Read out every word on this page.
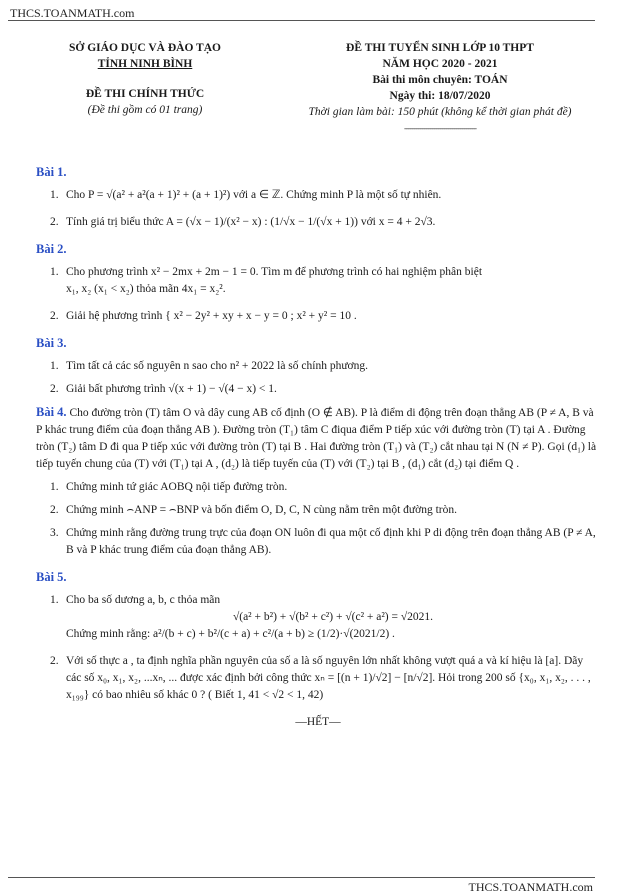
THCS.TOANMATH.com
SỞ GIÁO DỤC VÀ ĐÀO TẠO
TỈNH NINH BÌNH
ĐỀ THI CHÍNH THỨC
(Đề thi gồm có 01 trang)
ĐỀ THI TUYỂN SINH LỚP 10 THPT
NĂM HỌC 2020 - 2021
Bài thi môn chuyên: TOÁN
Ngày thi: 18/07/2020
Thời gian làm bài: 150 phút (không kể thời gian phát đề)
------------------------------------

Bài 1.

1. Cho P = √(a² + a²(a + 1)² + (a + 1)²) với a ∈ ℤ. Chứng minh P là một số tự nhiên.
2. Tính giá trị biểu thức A = (√x − 1)/(x² − x) : (1/√x − 1/(√x + 1)) với x = 4 + 2√3.

Bài 2.

1. Cho phương trình x² − 2mx + 2m − 1 = 0. Tìm m để phương trình có hai nghiệm phân biệt
x₁, x₂ (x₁ < x₂) thỏa mãn 4x₁ = x₂².
2. Giải hệ phương trình { x² − 2y² + xy + x − y = 0 ; x² + y² = 10 .

Bài 3.

1. Tìm tất cả các số nguyên n sao cho n² + 2022 là số chính phương.
2. Giải bất phương trình √(x + 1) − √(4 − x) < 1.
Bài 4. Cho đường tròn (T) tâm O và dây cung AB cố định (O ∉ AB). P là điểm di động trên đoạn thẳng AB (P ≠ A, B và P khác trung điểm của đoạn thẳng AB ). Đường tròn (T₁) tâm C điqua điểm P tiếp xúc với đường tròn (T) tại A . Đường tròn (T₂) tâm D đi qua P tiếp xúc với đường tròn (T) tại B . Hai đường tròn (T₁) và (T₂) cắt nhau tại N (N ≠ P). Gọi (d₁) là tiếp tuyến chung của (T) với (T₁) tại A , (d₂) là tiếp tuyến của (T) với (T₂) tại B , (d₁) cắt (d₂) tại điểm Q .
1. Chứng minh tứ giác AOBQ nội tiếp đường tròn.
2. Chứng minh ⌢ANP = ⌢BNP và bốn điểm O, D, C, N cùng nằm trên một đường tròn.
3. Chứng minh rằng đường trung trực của đoạn ON luôn đi qua một cố định khi P di động trên đoạn thẳng AB (P ≠ A, B và P khác trung điểm của đoạn thẳng AB).

Bài 5.

1. Cho ba số dương a, b, c thỏa mãn
√(a² + b²) + √(b² + c²) + √(c² + a²) = √2021.
Chứng minh rằng: a²/(b + c) + b²/(c + a) + c²/(a + b) ≥ (1/2)·√(2021/2) .
2. Với số thực a , ta định nghĩa phần nguyên của số a là số nguyên lớn nhất không vượt quá a và kí hiệu là [a]. Dãy các số x₀, x₁, x₂, ...xₙ, ... được xác định bởi công thức xₙ = [(n + 1)/√2] − [n/√2]. Hỏi trong 200 số {x₀, x₁, x₂, . . . , x₁₉₉} có bao nhiêu số khác 0 ? ( Biết 1, 41 < √2 < 1, 42)
—HẾT—
THCS.TOANMATH.com
